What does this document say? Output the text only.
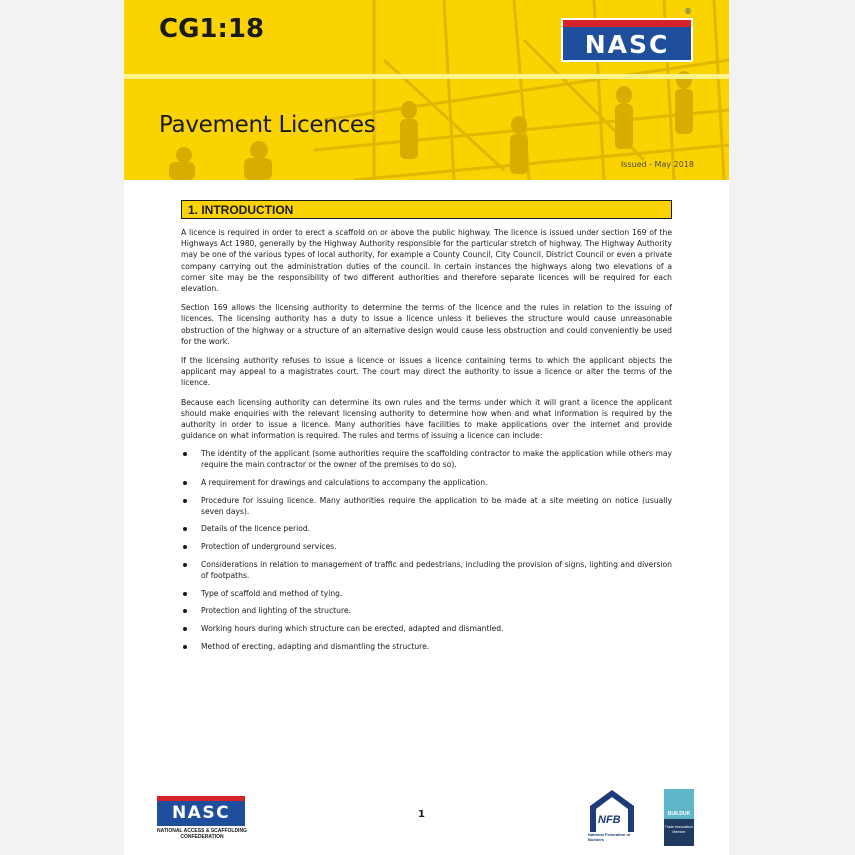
CG1:18
Pavement Licences
Issued - May 2018
NASC
®
1. INTRODUCTION

A licence is required in order to erect a scaffold on or above the public highway. The licence is issued under section 169 of the Highways Act 1980, generally by the Highway Authority responsible for the particular stretch of highway. The Highway Authority may be one of the various types of local authority, for example a County Council, City Council, District Council or even a private company carrying out the administration duties of the council. In certain instances the highways along two elevations of a corner site may be the responsibility of two different authorities and therefore separate licences will be required for each elevation.

Section 169 allows the licensing authority to determine the terms of the licence and the rules in relation to the issuing of licences. The licensing authority has a duty to issue a licence unless it believes the structure would cause unreasonable obstruction of the highway or a structure of an alternative design would cause less obstruction and could conveniently be used for the work.

If the licensing authority refuses to issue a licence or issues a licence containing terms to which the applicant objects the applicant may appeal to a magistrates court. The court may direct the authority to issue a licence or alter the terms of the licence.

Because each licensing authority can determine its own rules and the terms under which it will grant a licence the applicant should make enquiries with the relevant licensing authority to determine how when and what information is required by the authority in order to issue a licence. Many authorities have facilities to make applications over the internet and provide guidance on what information is required. The rules and terms of issuing a licence can include:

The identity of the applicant (some authorities require the scaffolding contractor to make the application while others may require the main contractor or the owner of the premises to do so).
A requirement for drawings and calculations to accompany the application.
Procedure for issuing licence. Many authorities require the application to be made at a site meeting on notice (usually seven days).
Details of the licence period.
Protection of underground services.
Considerations in relation to management of traffic and pedestrians, including the provision of signs, lighting and diversion of footpaths.
Type of scaffold and method of tying.
Protection and lighting of the structure.
Working hours during which structure can be erected, adapted and dismantled.
Method of erecting, adapting and dismantling the structure.
NASC
NATIONAL ACCESS & SCAFFOLDING CONFEDERATION
1	NFB
National Federation of Builders
BUILDUK
Trade Association Member
